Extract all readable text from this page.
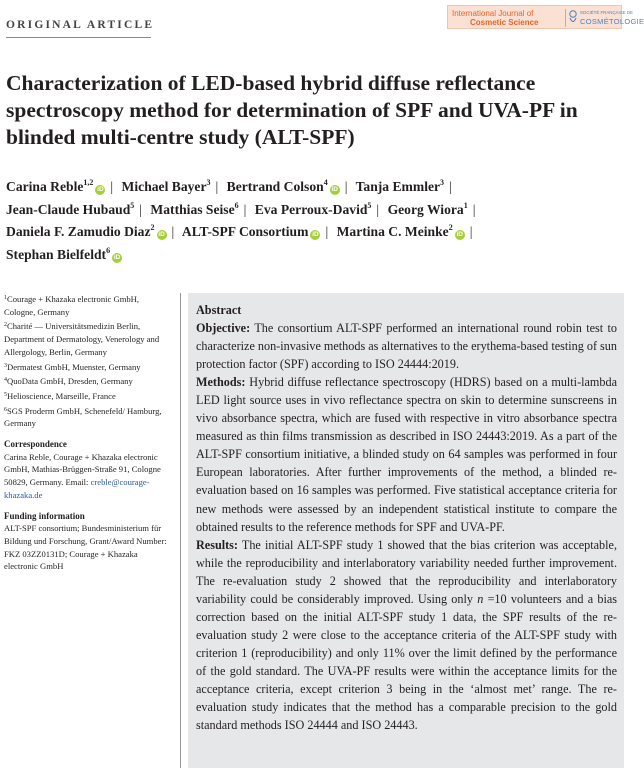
ORIGINAL ARTICLE
International Journal of
Cosmetic Science
SOCIÉTÉ FRANÇAISE DE
COSMÉTOLOGIE
Characterization of LED-based hybrid diffuse reflectance spectroscopy method for determination of SPF and UVA-PF in blinded multi-centre study (ALT-SPF)
Carina Reble$^{1,2}$iD | Michael Bayer$^3$ | Bertrand Colson$^4$iD | Tanja Emmler$^3$ |
Jean-Claude Hubaud$^5$ | Matthias Seise$^6$ | Eva Perroux-David$^5$ | Georg Wiora$^1$ |
Daniela F. Zamudio Diaz$^2$iD | ALT-SPF Consortium iD | Martina C. Meinke$^2$iD |
Stephan Bielfeldt$^6$iD
$^1$Courage + Khazaka electronic GmbH, Cologne, Germany
$^2$Charité — Universitätsmedizin Berlin, Department of Dermatology, Venerology and Allergology, Berlin, Germany
$^3$Dermatest GmbH, Muenster, Germany
$^4$QuoData GmbH, Dresden, Germany
$^5$Helioscience, Marseille, France
$^6$SGS Proderm GmbH, Schenefeld/ Hamburg, Germany
Correspondence
Carina Reble, Courage + Khazaka electronic GmbH, Mathias-Brüggen-Straße 91, Cologne 50829, Germany. Email: creble@courage-khazaka.de
Funding information
ALT-SPF consortium; Bundesministerium für Bildung und Forschung, Grant/Award Number: FKZ 03ZZ0131D; Courage + Khazaka electronic GmbH
Abstract

Objective: The consortium ALT-SPF performed an international round robin test to characterize non-invasive methods as alternatives to the erythema-based testing of sun protection factor (SPF) according to ISO 24444:2019.

Methods: Hybrid diffuse reflectance spectroscopy (HDRS) based on a multi-lambda LED light source uses in vivo reflectance spectra on skin to determine sunscreens in vivo absorbance spectra, which are fused with respective in vitro absorbance spectra measured as thin films transmission as described in ISO 24443:2019. As a part of the ALT-SPF consortium initiative, a blinded study on 64 samples was performed in four European laboratories. After further improvements of the method, a blinded re-evaluation based on 16 samples was performed. Five statistical acceptance criteria for new methods were assessed by an independent statistical institute to compare the obtained results to the reference methods for SPF and UVA-PF.

Results: The initial ALT-SPF study 1 showed that the bias criterion was acceptable, while the reproducibility and interlaboratory variability needed further improvement. The re-evaluation study 2 showed that the reproducibility and interlaboratory variability could be considerably improved. Using only n =10 volunteers and a bias correction based on the initial ALT-SPF study 1 data, the SPF results of the re-evaluation study 2 were close to the acceptance criteria of the ALT-SPF study with criterion 1 (reproducibility) and only 11% over the limit defined by the performance of the gold standard. The UVA-PF results were within the acceptance limits for the acceptance criteria, except criterion 3 being in the ‘almost met’ range. The re-evaluation study indicates that the method has a comparable precision to the gold standard methods ISO 24444 and ISO 24443.
